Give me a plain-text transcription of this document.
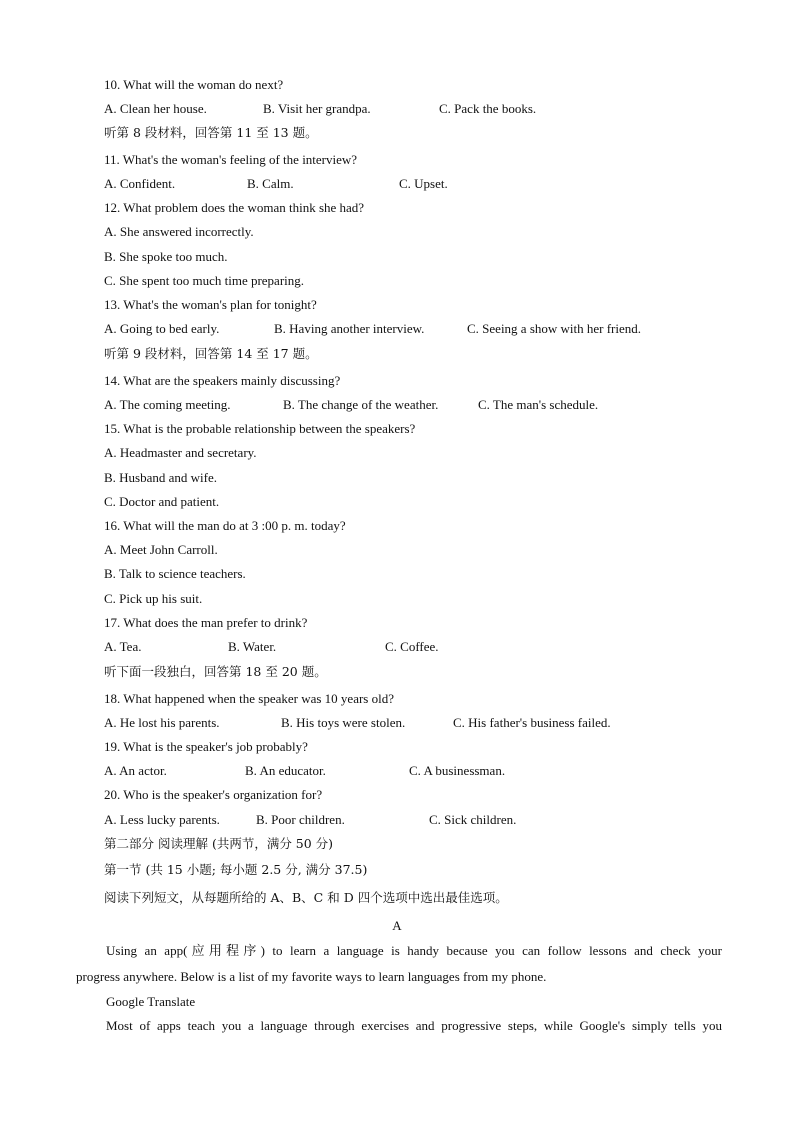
10. What will the woman do next?
A. Clean her house.	B. Visit her grandpa.	C. Pack the books.
听第 8 段材料，回答第 11 至 13 题。
11. What's the woman's feeling of the interview?
A. Confident.	B. Calm.	C. Upset.
12. What problem does the woman think she had?
A. She answered incorrectly.
B. She spoke too much.
C. She spent too much time preparing.
13. What's the woman's plan for tonight?
A. Going to bed early.	B. Having another interview.	C. Seeing a show with her friend.
听第 9 段材料，回答第 14 至 17 题。
14. What are the speakers mainly discussing?
A. The coming meeting.	B. The change of the weather.	C. The man's schedule.
15. What is the probable relationship between the speakers?
A. Headmaster and secretary.
B. Husband and wife.
C. Doctor and patient.
16. What will the man do at 3 :00 p. m. today?
A. Meet John Carroll.
B. Talk to science teachers.
C. Pick up his suit.
17. What does the man prefer to drink?
A. Tea.	B. Water.	C. Coffee.
听下面一段独白，回答第 18 至 20 题。
18. What happened when the speaker was 10 years old?
A. He lost his parents.	B. His toys were stolen.	C. His father's business failed.
19. What is the speaker's job probably?
A. An actor.	B. An educator.	C. A businessman.
20. Who is the speaker's organization for?
A. Less lucky parents.	B. Poor children.	C. Sick children.
第二部分 阅读理解 (共两节，满分 50 分)
第一节 (共 15 小题; 每小题 2.5 分, 满分 37.5)
阅读下列短文，从每题所给的 A、B、C 和 D 四个选项中选出最佳选项。
A
Using an app(应用程序) to learn a language is handy because you can follow lessons and check your
progress anywhere. Below is a list of my favorite ways to learn languages from my phone.
Google Translate
Most of apps teach you a language through exercises and progressive steps, while Google's simply tells you
